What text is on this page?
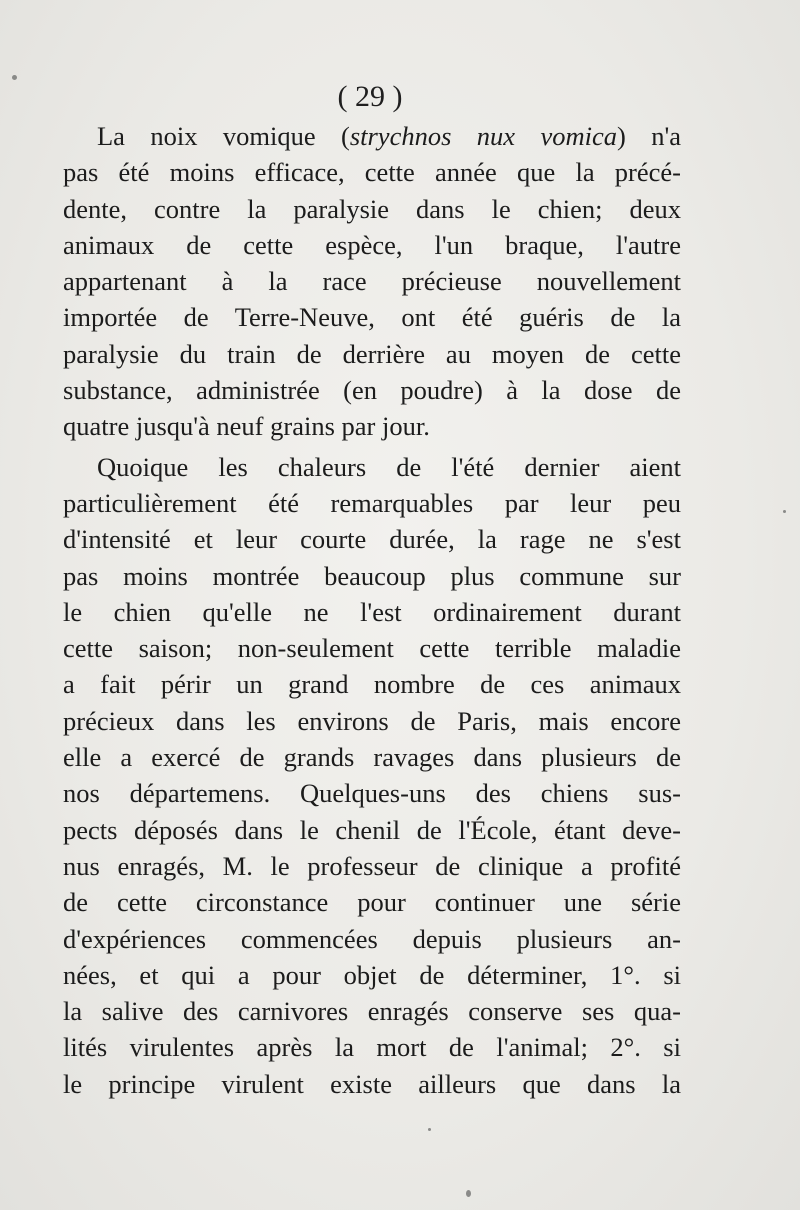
( 29 )
La noix vomique (strychnos nux vomica) n'a
pas été moins efficace, cette année que la précé-
dente, contre la paralysie dans le chien; deux
animaux de cette espèce, l'un braque, l'autre
appartenant à la race précieuse nouvellement
importée de Terre-Neuve, ont été guéris de la
paralysie du train de derrière au moyen de cette
substance, administrée (en poudre) à la dose de
quatre jusqu'à neuf grains par jour.
Quoique les chaleurs de l'été dernier aient
particulièrement été remarquables par leur peu
d'intensité et leur courte durée, la rage ne s'est
pas moins montrée beaucoup plus commune sur
le chien qu'elle ne l'est ordinairement durant
cette saison; non-seulement cette terrible maladie
a fait périr un grand nombre de ces animaux
précieux dans les environs de Paris, mais encore
elle a exercé de grands ravages dans plusieurs de
nos départemens. Quelques-uns des chiens sus-
pects déposés dans le chenil de l'École, étant deve-
nus enragés, M. le professeur de clinique a profité
de cette circonstance pour continuer une série
d'expériences commencées depuis plusieurs an-
nées, et qui a pour objet de déterminer, 1°. si
la salive des carnivores enragés conserve ses qua-
lités virulentes après la mort de l'animal; 2°. si
le principe virulent existe ailleurs que dans la
